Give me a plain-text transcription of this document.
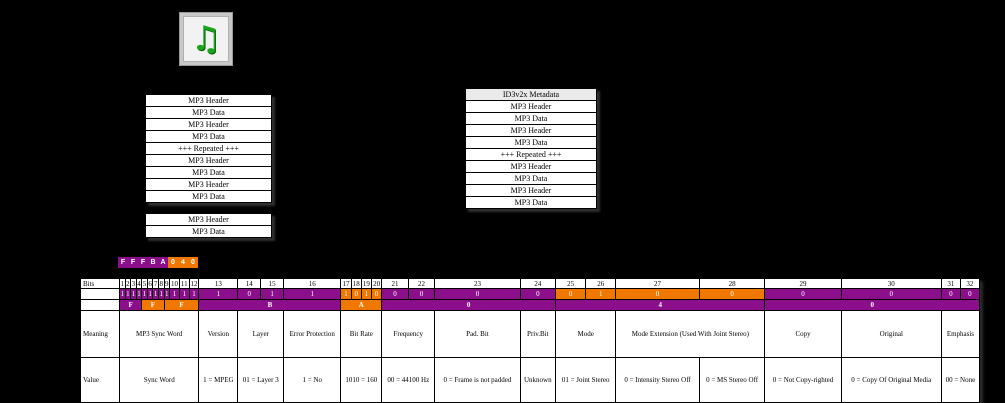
♫
MP3 Header
MP3 Data
MP3 Header
MP3 Data
+++ Repeated +++
MP3 Header
MP3 Data
MP3 Header
MP3 Data
MP3 Header
MP3 Data
ID3v2x Metadata
MP3 Header
MP3 Data
MP3 Header
MP3 Data
+++ Repeated +++
MP3 Header
MP3 Data
MP3 Header
MP3 Data
F F F B A 0 4 0
Bits	1	2	3	4	5	6	7	8	9	10	11	12	13	14	15	16	17	18	19	20	21	22	23	24	25	26	27	28	29	30	31	32
Binary	1	1	1	1	1	1	1	1	1	1	1	1	1	0	1	1	1	0	1	0	0	0	0	0	0	1	0	0	0	0	0	0
Hex	F				F				F				B				A				0				4				0			
Meaning	MP3 Sync Word												Version	Layer		Error Protection	Bit Rate				Frequency		Pad. Bit	Priv.Bit	Mode		Mode Extension (Used With Joint Stereo)		Copy	Original	Emphasis	
Value	Sync Word												1 = MPEG	01 = Layer 3		1 = No	1010 = 160				00 = 44100 Hz		0 = Frame is not padded	Unknown	01 = Joint Stereo		0 = Intensity Stereo Off	0 = MS Stereo Off	0 = Not Copy-righted	0 = Copy Of Original Media	00 = None	
